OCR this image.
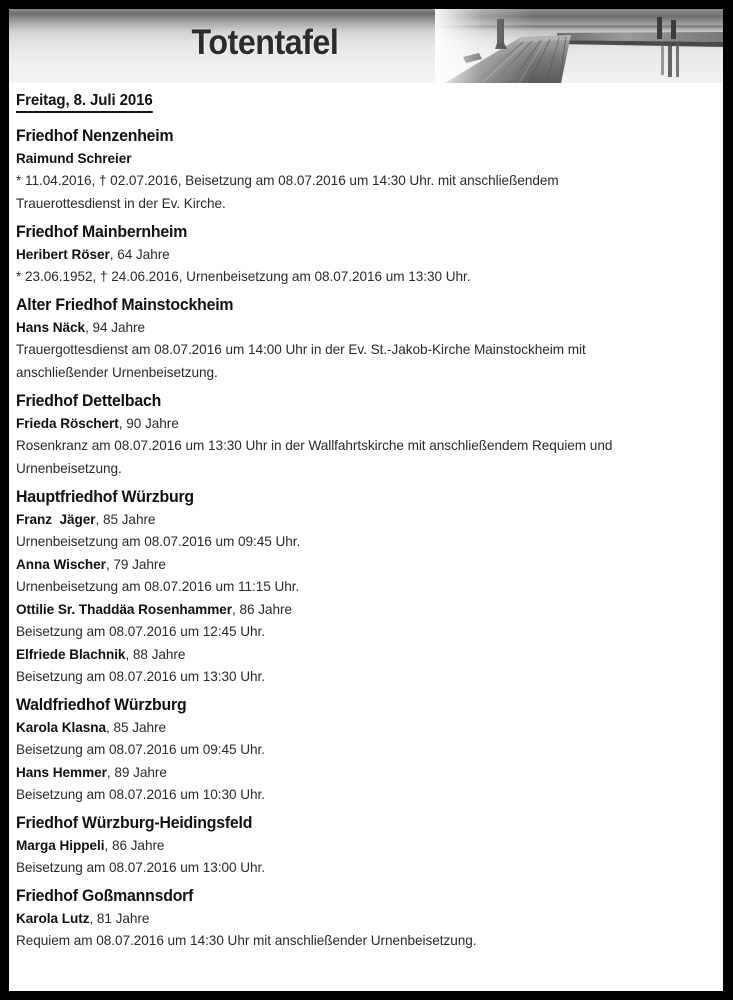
Totentafel
Freitag, 8. Juli 2016
Friedhof Nenzenheim
Raimund Schreier
* 11.04.2016, † 02.07.2016, Beisetzung am 08.07.2016 um 14:30 Uhr. mit anschließendem Trauerottesdienst in der Ev. Kirche.
Friedhof Mainbernheim
Heribert Röser, 64 Jahre
* 23.06.1952, † 24.06.2016, Urnenbeisetzung am 08.07.2016 um 13:30 Uhr.
Alter Friedhof Mainstockheim
Hans Näck, 94 Jahre
Trauergottesdienst am 08.07.2016 um 14:00 Uhr in der Ev. St.-Jakob-Kirche Mainstockheim mit anschließender Urnenbeisetzung.
Friedhof Dettelbach
Frieda Röschert, 90 Jahre
Rosenkranz am 08.07.2016 um 13:30 Uhr in der Wallfahrtskirche mit anschließendem Requiem und Urnenbeisetzung.
Hauptfriedhof Würzburg
Franz  Jäger, 85 Jahre
Urnenbeisetzung am 08.07.2016 um 09:45 Uhr.
Anna Wischer, 79 Jahre
Urnenbeisetzung am 08.07.2016 um 11:15 Uhr.
Ottilie Sr. Thaddäa Rosenhammer, 86 Jahre
Beisetzung am 08.07.2016 um 12:45 Uhr.
Elfriede Blachnik, 88 Jahre
Beisetzung am 08.07.2016 um 13:30 Uhr.
Waldfriedhof Würzburg
Karola Klasna, 85 Jahre
Beisetzung am 08.07.2016 um 09:45 Uhr.
Hans Hemmer, 89 Jahre
Beisetzung am 08.07.2016 um 10:30 Uhr.
Friedhof Würzburg-Heidingsfeld
Marga Hippeli, 86 Jahre
Beisetzung am 08.07.2016 um 13:00 Uhr.
Friedhof Goßmannsdorf
Karola Lutz, 81 Jahre
Requiem am 08.07.2016 um 14:30 Uhr mit anschließender Urnenbeisetzung.
